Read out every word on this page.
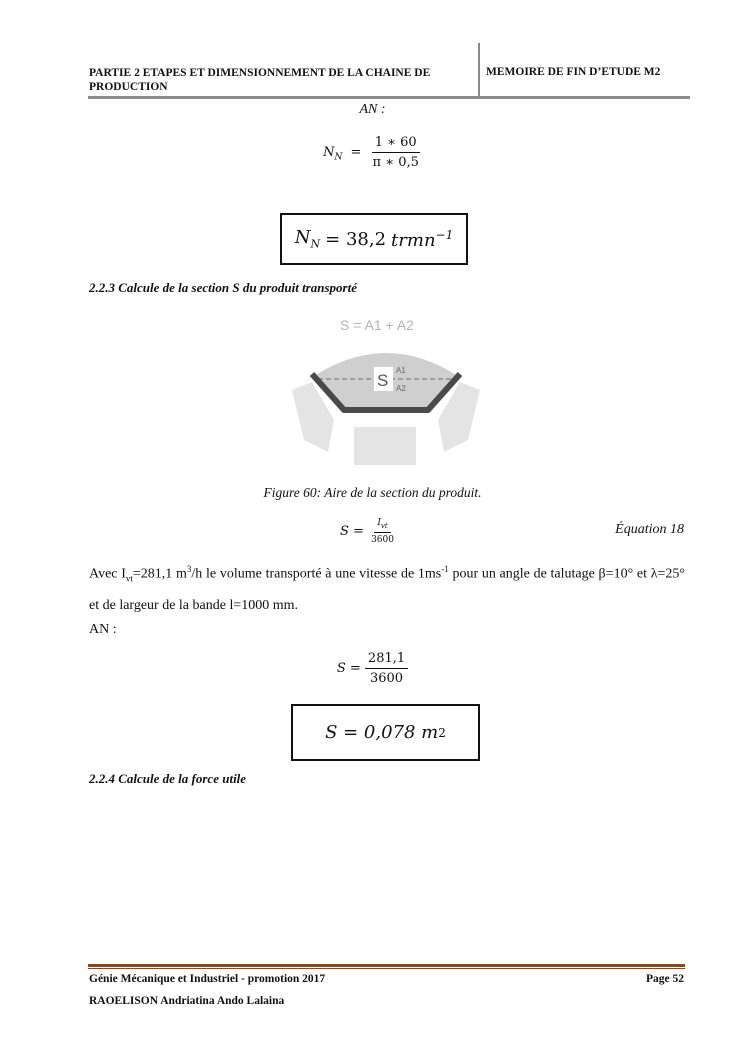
PARTIE 2 ETAPES ET DIMENSIONNEMENT DE LA CHAINE DE PRODUCTION
MEMOIRE DE FIN D’ETUDE M2
AN :
$N_N = \frac{1 ∗ 60}{\pi ∗ 0,5}$
$N_N = 38,2$ trmn$^{-1}$
2.2.3 Calcule de la section S du produit transporté
S = A1 + A2
S
A1
A2
Figure 60: Aire de la section du produit.
$S = \frac{I_{vt}}{3600}$	Équation 18
Avec $I_{vt}=281,1$ $m^3/h$ le volume transporté à une vitesse de $1ms^{-1}$ pour un angle de talutage β=10° et λ=25° et de largeur de la bande l=1000 mm.
AN :
$S = \frac{281,1}{3600}$
S = 0,078 m 2
2.2.4 Calcule de la force utile
Génie Mécanique et Industriel - promotion 2017	Page 52
RAOELISON Andriatina Ando Lalaina
